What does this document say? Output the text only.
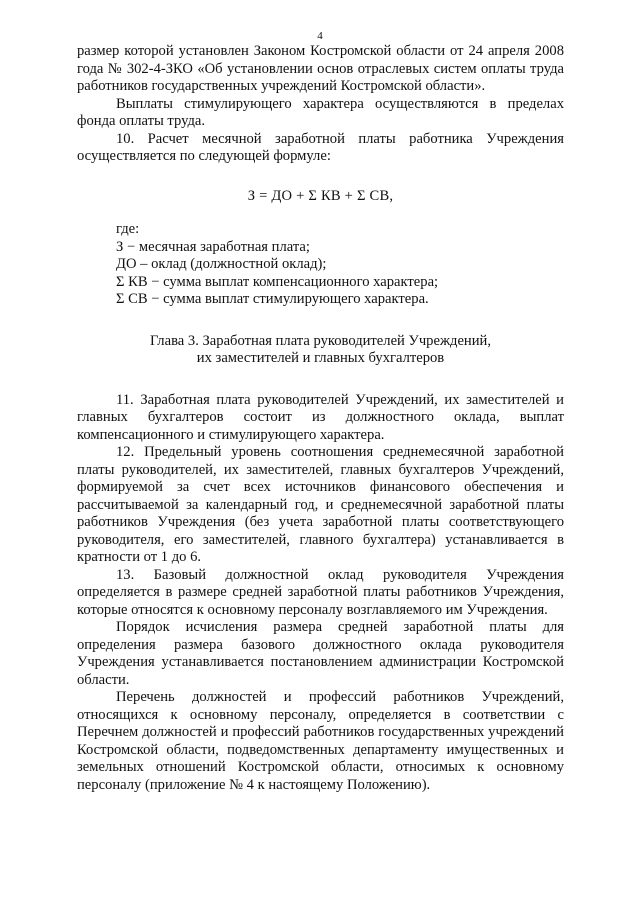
4

размер которой установлен Законом Костромской области от 24 апреля 2008 года № 302-4-ЗКО «Об установлении основ отраслевых систем оплаты труда работников государственных учреждений Костромской области».

Выплаты стимулирующего характера осуществляются в пределах фонда оплаты труда.

10. Расчет месячной заработной платы работника Учреждения осуществляется по следующей формуле:

З = ДО + Σ КВ + Σ СВ,

где:

З − месячная заработная плата;

ДО – оклад (должностной оклад);

Σ КВ − сумма выплат компенсационного характера;

Σ СВ − сумма выплат стимулирующего характера.

Глава 3. Заработная плата руководителей Учреждений,
их заместителей и главных бухгалтеров

11. Заработная плата руководителей Учреждений, их заместителей и главных бухгалтеров состоит из должностного оклада, выплат компенсационного и стимулирующего характера.

12. Предельный уровень соотношения среднемесячной заработной платы руководителей, их заместителей, главных бухгалтеров Учреждений, формируемой за счет всех источников финансового обеспечения и рассчитываемой за календарный год, и среднемесячной заработной платы работников Учреждения (без учета заработной платы соответствующего руководителя, его заместителей, главного бухгалтера) устанавливается в кратности от 1 до 6.

13. Базовый должностной оклад руководителя Учреждения определяется в размере средней заработной платы работников Учреждения, которые относятся к основному персоналу возглавляемого им Учреждения.

Порядок исчисления размера средней заработной платы для определения размера базового должностного оклада руководителя Учреждения устанавливается постановлением администрации Костромской области.

Перечень должностей и профессий работников Учреждений, относящихся к основному персоналу, определяется в соответствии с Перечнем должностей и профессий работников государственных учреждений Костромской области, подведомственных департаменту имущественных и земельных отношений Костромской области, относимых к основному персоналу (приложение № 4 к настоящему Положению).
